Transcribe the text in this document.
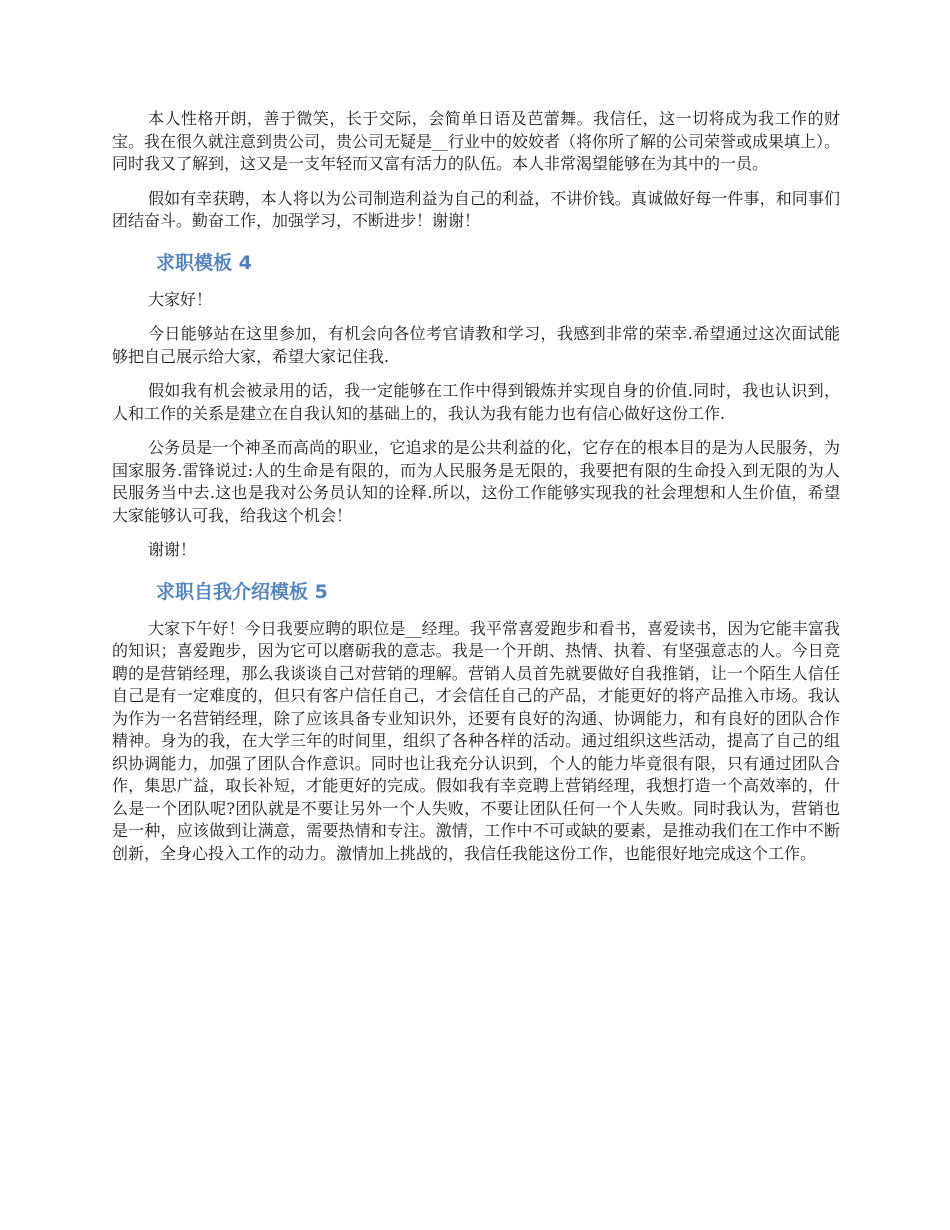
本人性格开朗，善于微笑，长于交际，会简单日语及芭蕾舞。我信任，这一切将成为我工作的财宝。我在很久就注意到贵公司，贵公司无疑是__行业中的姣姣者（将你所了解的公司荣誉或成果填上）。同时我又了解到，这又是一支年轻而又富有活力的队伍。本人非常渴望能够在为其中的一员。

假如有幸获聘，本人将以为公司制造利益为自己的利益，不讲价钱。真诚做好每一件事，和同事们团结奋斗。勤奋工作，加强学习，不断进步！谢谢！

求职模板 4

大家好！

今日能够站在这里参加，有机会向各位考官请教和学习，我感到非常的荣幸.希望通过这次面试能够把自己展示给大家，希望大家记住我.

假如我有机会被录用的话，我一定能够在工作中得到锻炼并实现自身的价值.同时，我也认识到，人和工作的关系是建立在自我认知的基础上的，我认为我有能力也有信心做好这份工作.

公务员是一个神圣而高尚的职业，它追求的是公共利益的化，它存在的根本目的是为人民服务，为国家服务.雷锋说过:人的生命是有限的，而为人民服务是无限的，我要把有限的生命投入到无限的为人民服务当中去.这也是我对公务员认知的诠释.所以，这份工作能够实现我的社会理想和人生价值，希望大家能够认可我，给我这个机会！

谢谢！

求职自我介绍模板 5

大家下午好！今日我要应聘的职位是__经理。我平常喜爱跑步和看书，喜爱读书，因为它能丰富我的知识；喜爱跑步，因为它可以磨砺我的意志。我是一个开朗、热情、执着、有坚强意志的人。今日竞聘的是营销经理，那么我谈谈自己对营销的理解。营销人员首先就要做好自我推销，让一个陌生人信任自己是有一定难度的，但只有客户信任自己，才会信任自己的产品，才能更好的将产品推入市场。我认为作为一名营销经理，除了应该具备专业知识外，还要有良好的沟通、协调能力，和有良好的团队合作精神。身为的我，在大学三年的时间里，组织了各种各样的活动。通过组织这些活动，提高了自己的组织协调能力，加强了团队合作意识。同时也让我充分认识到，个人的能力毕竟很有限，只有通过团队合作，集思广益，取长补短，才能更好的完成。假如我有幸竞聘上营销经理，我想打造一个高效率的，什么是一个团队呢?团队就是不要让另外一个人失败，不要让团队任何一个人失败。同时我认为，营销也是一种，应该做到让满意，需要热情和专注。激情，工作中不可或缺的要素，是推动我们在工作中不断创新，全身心投入工作的动力。激情加上挑战的，我信任我能这份工作，也能很好地完成这个工作。
